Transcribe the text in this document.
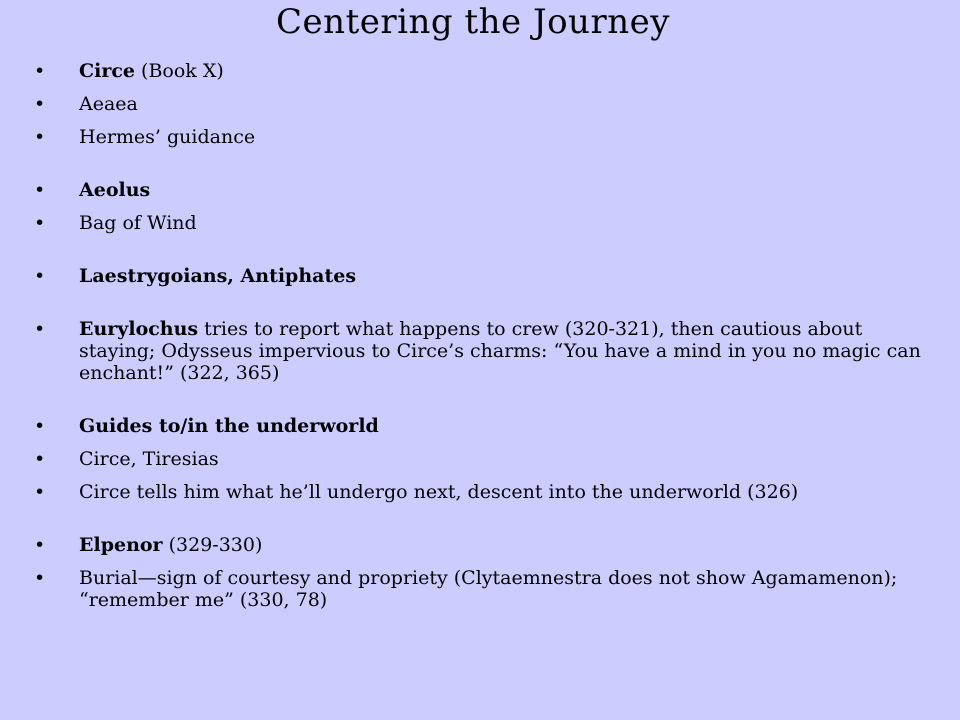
Centering the Journey
• Circe (Book X)
• Aeaea
• Hermes’ guidance
• Aeolus
• Bag of Wind
• Laestrygoians, Antiphates
• Eurylochus tries to report what happens to crew (320-321), then cautious about staying; Odysseus impervious to Circe’s charms: “You have a mind in you no magic can enchant!” (322, 365)
• Guides to/in the underworld
• Circe, Tiresias
• Circe tells him what he’ll undergo next, descent into the underworld (326)
• Elpenor (329-330)
• Burial—sign of courtesy and propriety (Clytaemnestra does not show Agamamenon); “remember me” (330, 78)
